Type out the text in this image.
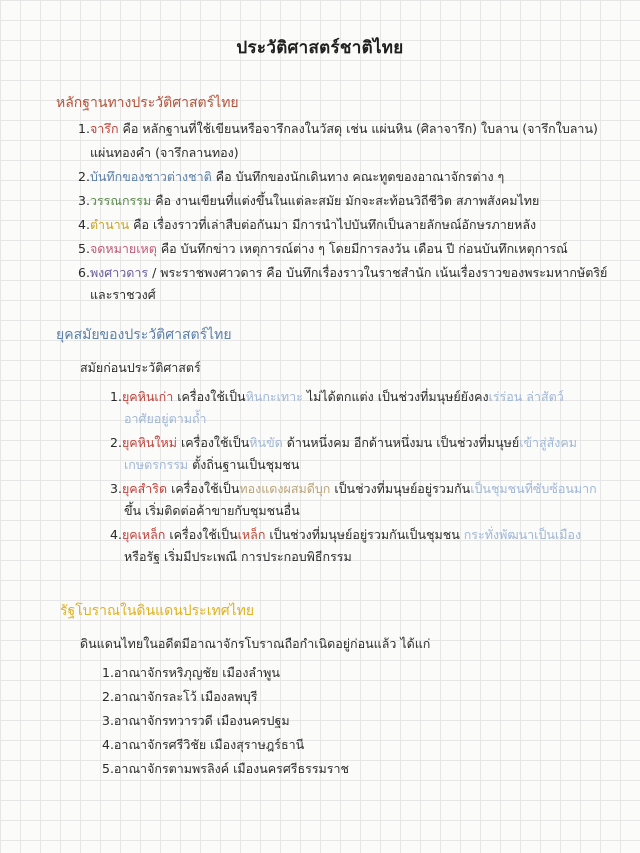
ประวัติศาสตร์ชาติไทย
หลักฐานทางประวัติศาสตร์ไทย
1.จารึก คือ หลักฐานที่ใช้เขียนหรือจารึกลงในวัสดุ เช่น แผ่นหิน (ศิลาจารึก) ใบลาน (จารึกใบลาน)
แผ่นทองคำ (จารึกลานทอง)
2.บันทึกของชาวต่างชาติ คือ บันทึกของนักเดินทาง คณะทูตของอาณาจักรต่าง ๆ
3.วรรณกรรม คือ งานเขียนที่แต่งขึ้นในแต่ละสมัย มักจะสะท้อนวิถีชีวิต สภาพสังคมไทย
4.ตำนาน คือ เรื่องราวที่เล่าสืบต่อกันมา มีการนำไปบันทึกเป็นลายลักษณ์อักษรภายหลัง
5.จดหมายเหตุ คือ บันทึกข่าว เหตุการณ์ต่าง ๆ โดยมีการลงวัน เดือน ปี ก่อนบันทึกเหตุการณ์
6.พงศาวดาร / พระราชพงศาวดาร คือ บันทึกเรื่องราวในราชสำนัก เน้นเรื่องราวของพระมหากษัตริย์
และราชวงศ์
ยุคสมัยของประวัติศาสตร์ไทย
สมัยก่อนประวัติศาสตร์
1.ยุคหินเก่า เครื่องใช้เป็นหินกะเทาะ ไม่ได้ตกแต่ง เป็นช่วงที่มนุษย์ยังคงเร่ร่อน ล่าสัตว์
อาศัยอยู่ตามถ้ำ
2.ยุคหินใหม่ เครื่องใช้เป็นหินขัด ด้านหนึ่งคม อีกด้านหนึ่งมน เป็นช่วงที่มนุษย์เข้าสู่สังคม
เกษตรกรรม ตั้งถิ่นฐานเป็นชุมชน
3.ยุคสำริด เครื่องใช้เป็นทองแดงผสมดีบุก เป็นช่วงที่มนุษย์อยู่รวมกันเป็นชุมชนที่ซับซ้อนมาก
ขึ้น เริ่มติดต่อค้าขายกับชุมชนอื่น
4.ยุคเหล็ก เครื่องใช้เป็นเหล็ก เป็นช่วงที่มนุษย์อยู่รวมกันเป็นชุมชน กระทั่งพัฒนาเป็นเมือง
หรือรัฐ เริ่มมีประเพณี การประกอบพิธีกรรม
รัฐโบราณในดินแดนประเทศไทย
ดินแดนไทยในอดีตมีอาณาจักรโบราณถือกำเนิดอยู่ก่อนแล้ว ได้แก่
1.อาณาจักรหริภุญชัย เมืองลำพูน
2.อาณาจักรละโว้ เมืองลพบุรี
3.อาณาจักรทวารวดี เมืองนครปฐม
4.อาณาจักรศรีวิชัย เมืองสุราษฎร์ธานี
5.อาณาจักรตามพรลิงค์ เมืองนครศรีธรรมราช
